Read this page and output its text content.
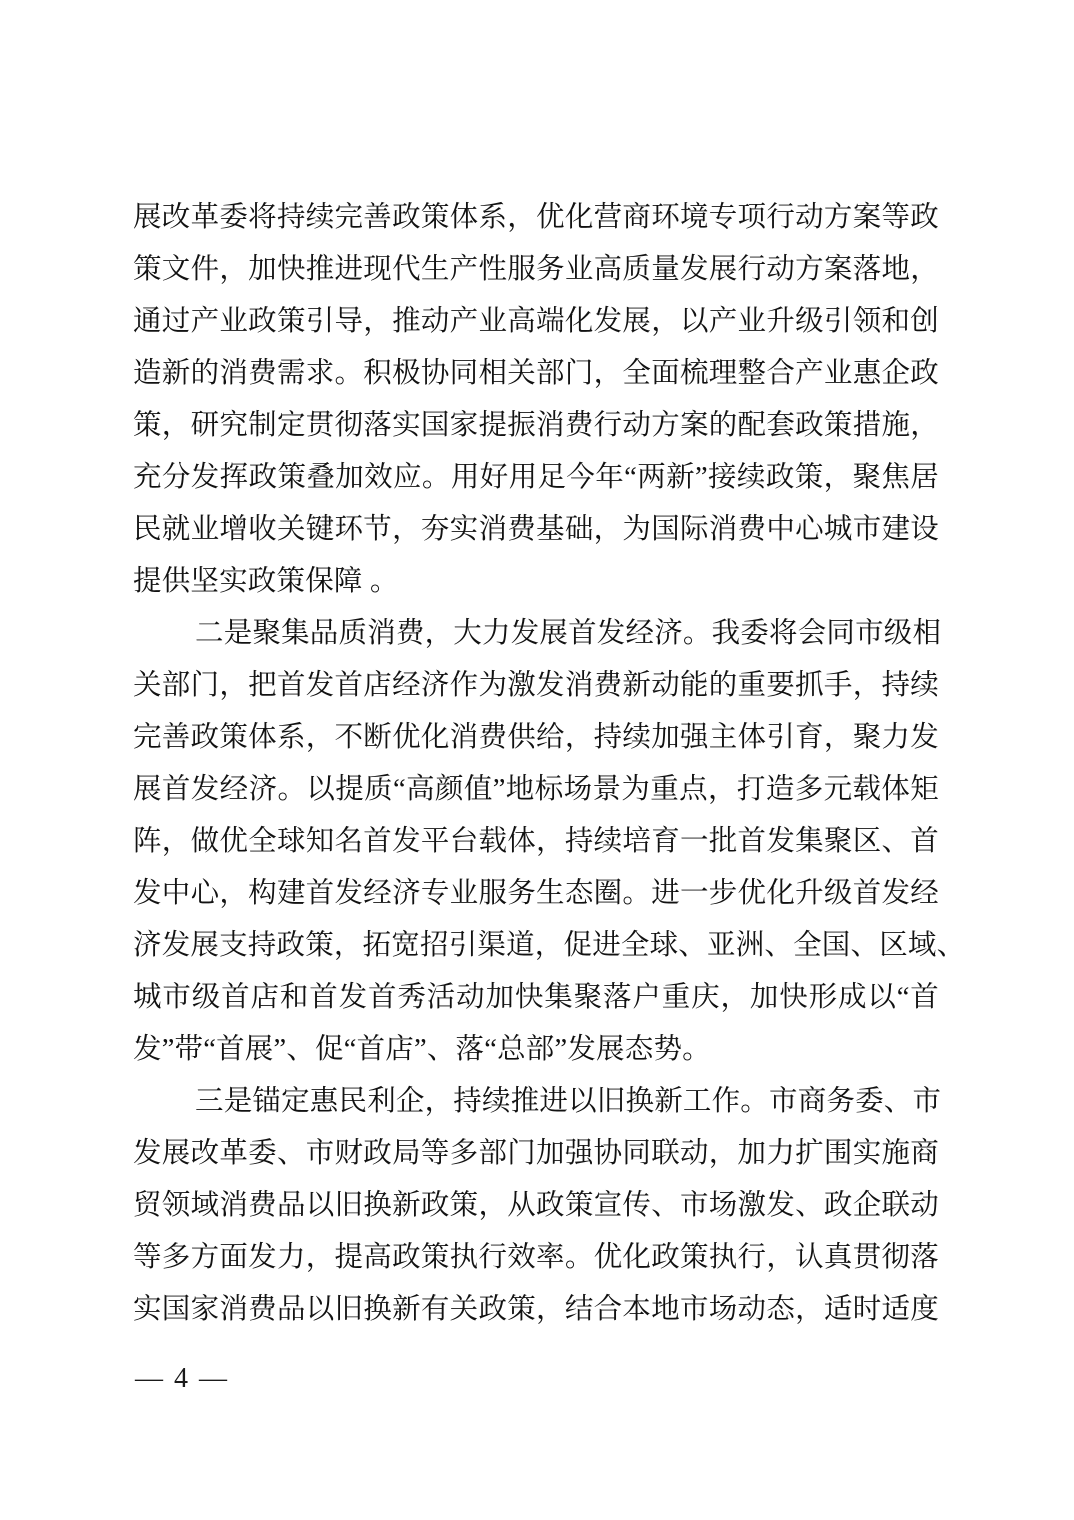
展改革委将持续完善政策体系，优化营商环境专项行动方案等政
策文件，加快推进现代生产性服务业高质量发展行动方案落地，
通过产业政策引导，推动产业高端化发展，以产业升级引领和创
造新的消费需求。积极协同相关部门，全面梳理整合产业惠企政
策，研究制定贯彻落实国家提振消费行动方案的配套政策措施，
充分发挥政策叠加效应。用好用足今年“两新”接续政策，聚焦居
民就业增收关键环节，夯实消费基础，为国际消费中心城市建设
提供坚实政策保障 。
二是聚集品质消费，大力发展首发经济。我委将会同市级相
关部门，把首发首店经济作为激发消费新动能的重要抓手，持续
完善政策体系，不断优化消费供给，持续加强主体引育，聚力发
展首发经济。以提质“高颜值”地标场景为重点，打造多元载体矩
阵，做优全球知名首发平台载体，持续培育一批首发集聚区、首
发中心，构建首发经济专业服务生态圈。进一步优化升级首发经
济发展支持政策，拓宽招引渠道，促进全球、亚洲、全国、区域、
城市级首店和首发首秀活动加快集聚落户重庆，加快形成以“首
发”带“首展”、促“首店”、落“总部”发展态势。
三是锚定惠民利企，持续推进以旧换新工作。市商务委、市
发展改革委、市财政局等多部门加强协同联动，加力扩围实施商
贸领域消费品以旧换新政策，从政策宣传、市场激发、政企联动
等多方面发力，提高政策执行效率。优化政策执行，认真贯彻落
实国家消费品以旧换新有关政策，结合本地市场动态，适时适度
— 4 —
